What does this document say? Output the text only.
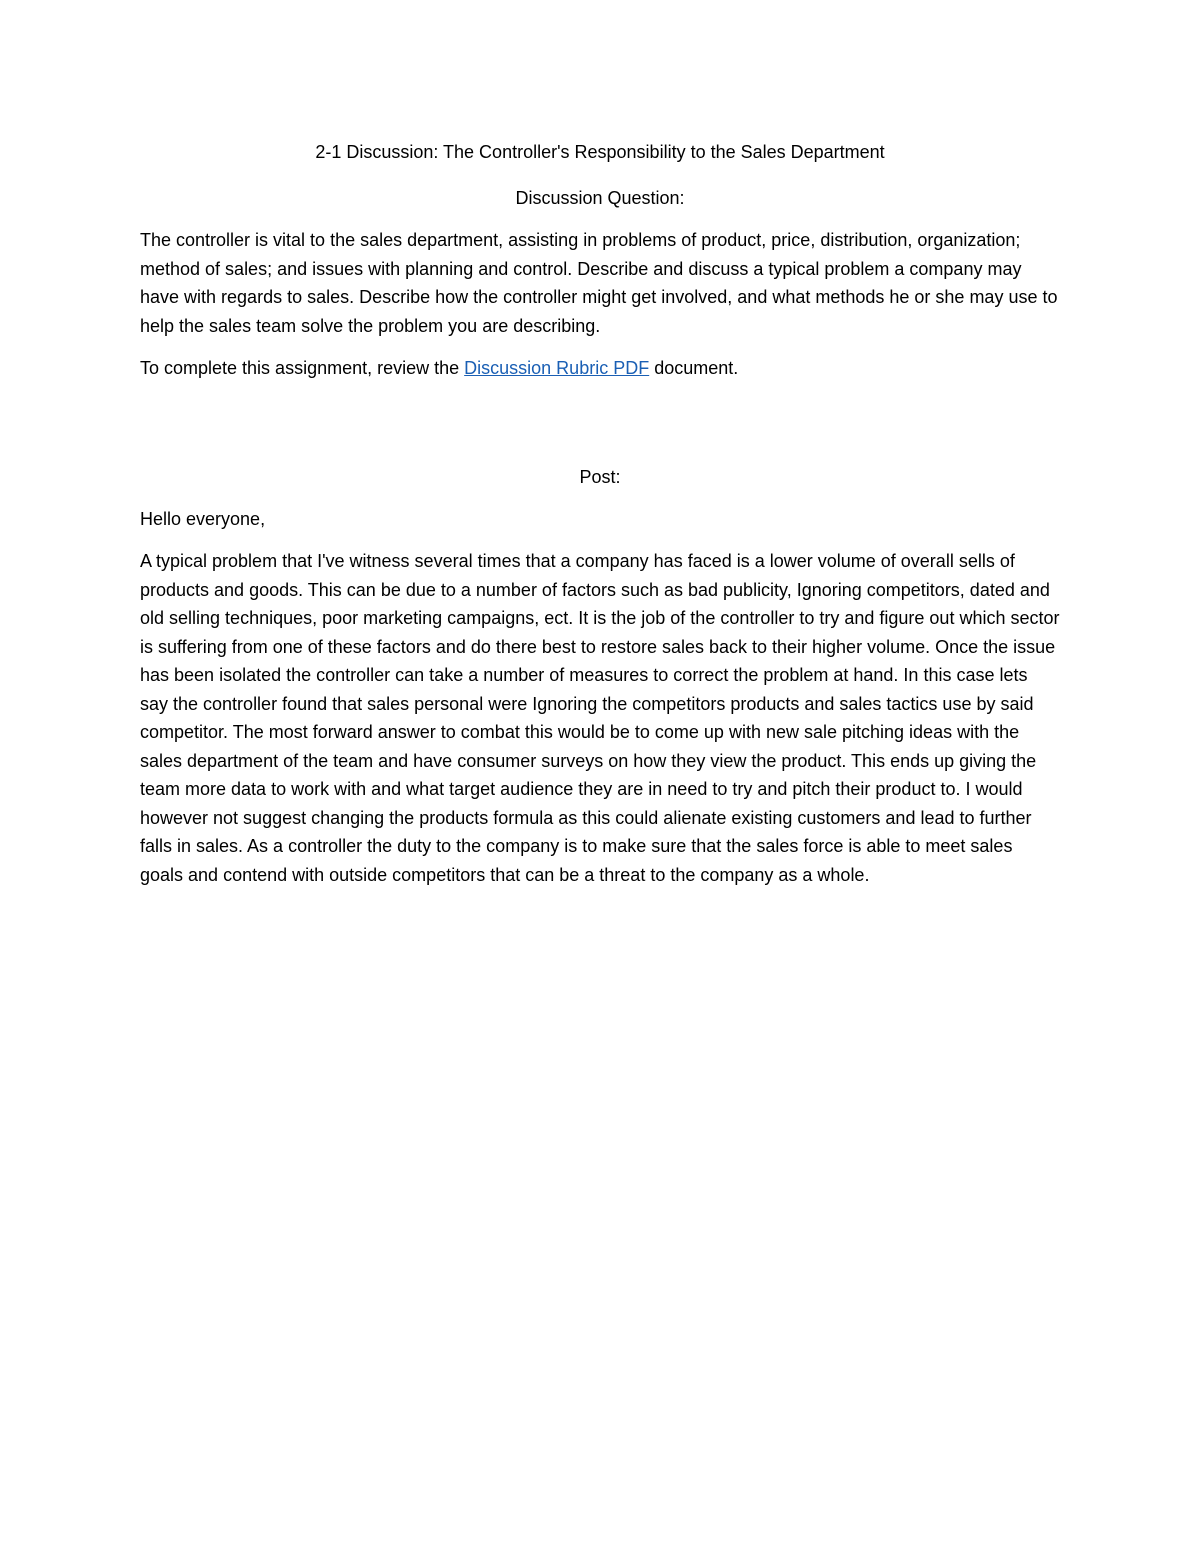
2-1 Discussion: The Controller's Responsibility to the Sales Department

Discussion Question:

The controller is vital to the sales department, assisting in problems of product, price, distribution, organization; method of sales; and issues with planning and control. Describe and discuss a typical problem a company may have with regards to sales. Describe how the controller might get involved, and what methods he or she may use to help the sales team solve the problem you are describing.

To complete this assignment, review the Discussion Rubric PDF document.

Post:

Hello everyone,

A typical problem that I've witness several times that a company has faced is a lower volume of overall sells of products and goods. This can be due to a number of factors such as bad publicity, Ignoring competitors, dated and old selling techniques, poor marketing campaigns, ect. It is the job of the controller to try and figure out which sector is suffering from one of these factors and do there best to restore sales back to their higher volume. Once the issue has been isolated the controller can take a number of measures to correct the problem at hand. In this case lets say the controller found that sales personal were Ignoring the competitors products and sales tactics use by said competitor. The most forward answer to combat this would be to come up with new sale pitching ideas with the sales department of the team and have consumer surveys on how they view the product. This ends up giving the team more data to work with and what target audience they are in need to try and pitch their product to. I would however not suggest changing the products formula as this could alienate existing customers and lead to further falls in sales. As a controller the duty to the company is to make sure that the sales force is able to meet sales goals and contend with outside competitors that can be a threat to the company as a whole.
